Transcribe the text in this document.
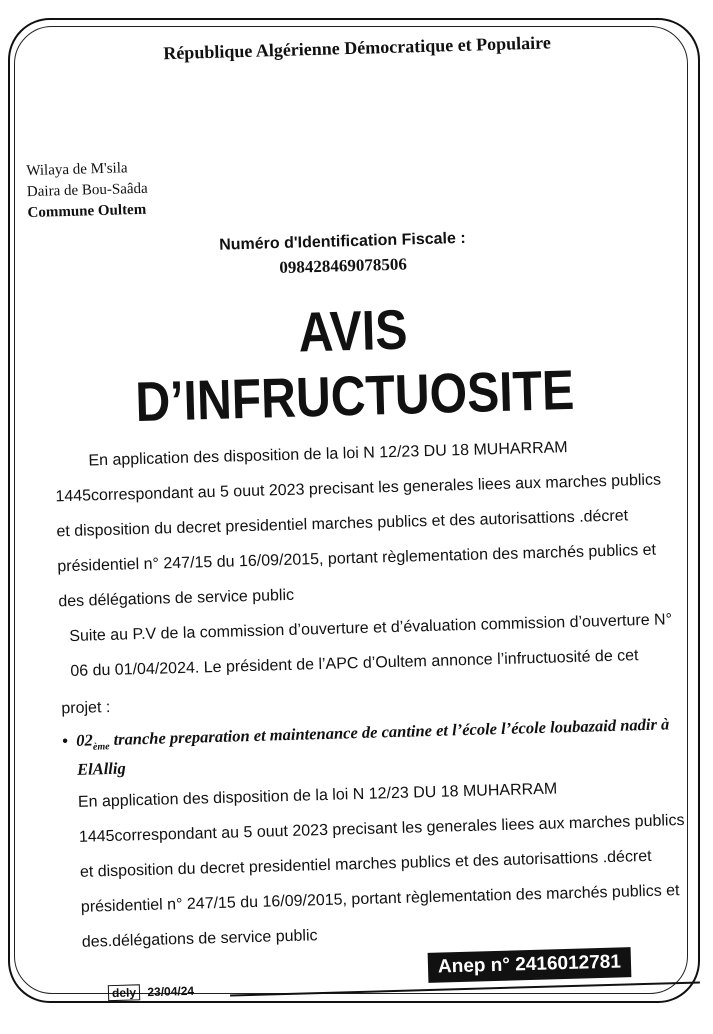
République Algérienne Démocratique et Populaire
Wilaya de M'sila
Daira de Bou-Saâda
Commune Oultem
Numéro d'Identification Fiscale :
098428469078506
AVIS D’INFRUCTUOSITE
En application des disposition de la loi N 12/23 DU 18 MUHARRAM 1445correspondant au 5 ouut 2023 precisant les generales liees aux marches publics et disposition du decret presidentiel marches publics et des autorisattions .décret présidentiel n° 247/15 du 16/09/2015, portant règlementation des marchés publics et des délégations de service public
Suite au P.V de la commission d’ouverture et d’évaluation commission d’ouverture N° 06 du 01/04/2024. Le président de l’APC d’Oultem annonce l’infructuosité de cet
projet :
• $02_{ème}$ tranche preparation et maintenance de cantine et l’école l’école loubazaid nadir à ElAllig
En application des disposition de la loi N 12/23 DU 18 MUHARRAM 1445correspondant au 5 ouut 2023 precisant les generales liees aux marches publics et disposition du decret presidentiel marches publics et des autorisattions .décret présidentiel n° 247/15 du 16/09/2015, portant règlementation des marchés publics et des.délégations de service public
Anep n° 2416012781
dely 23/04/24
